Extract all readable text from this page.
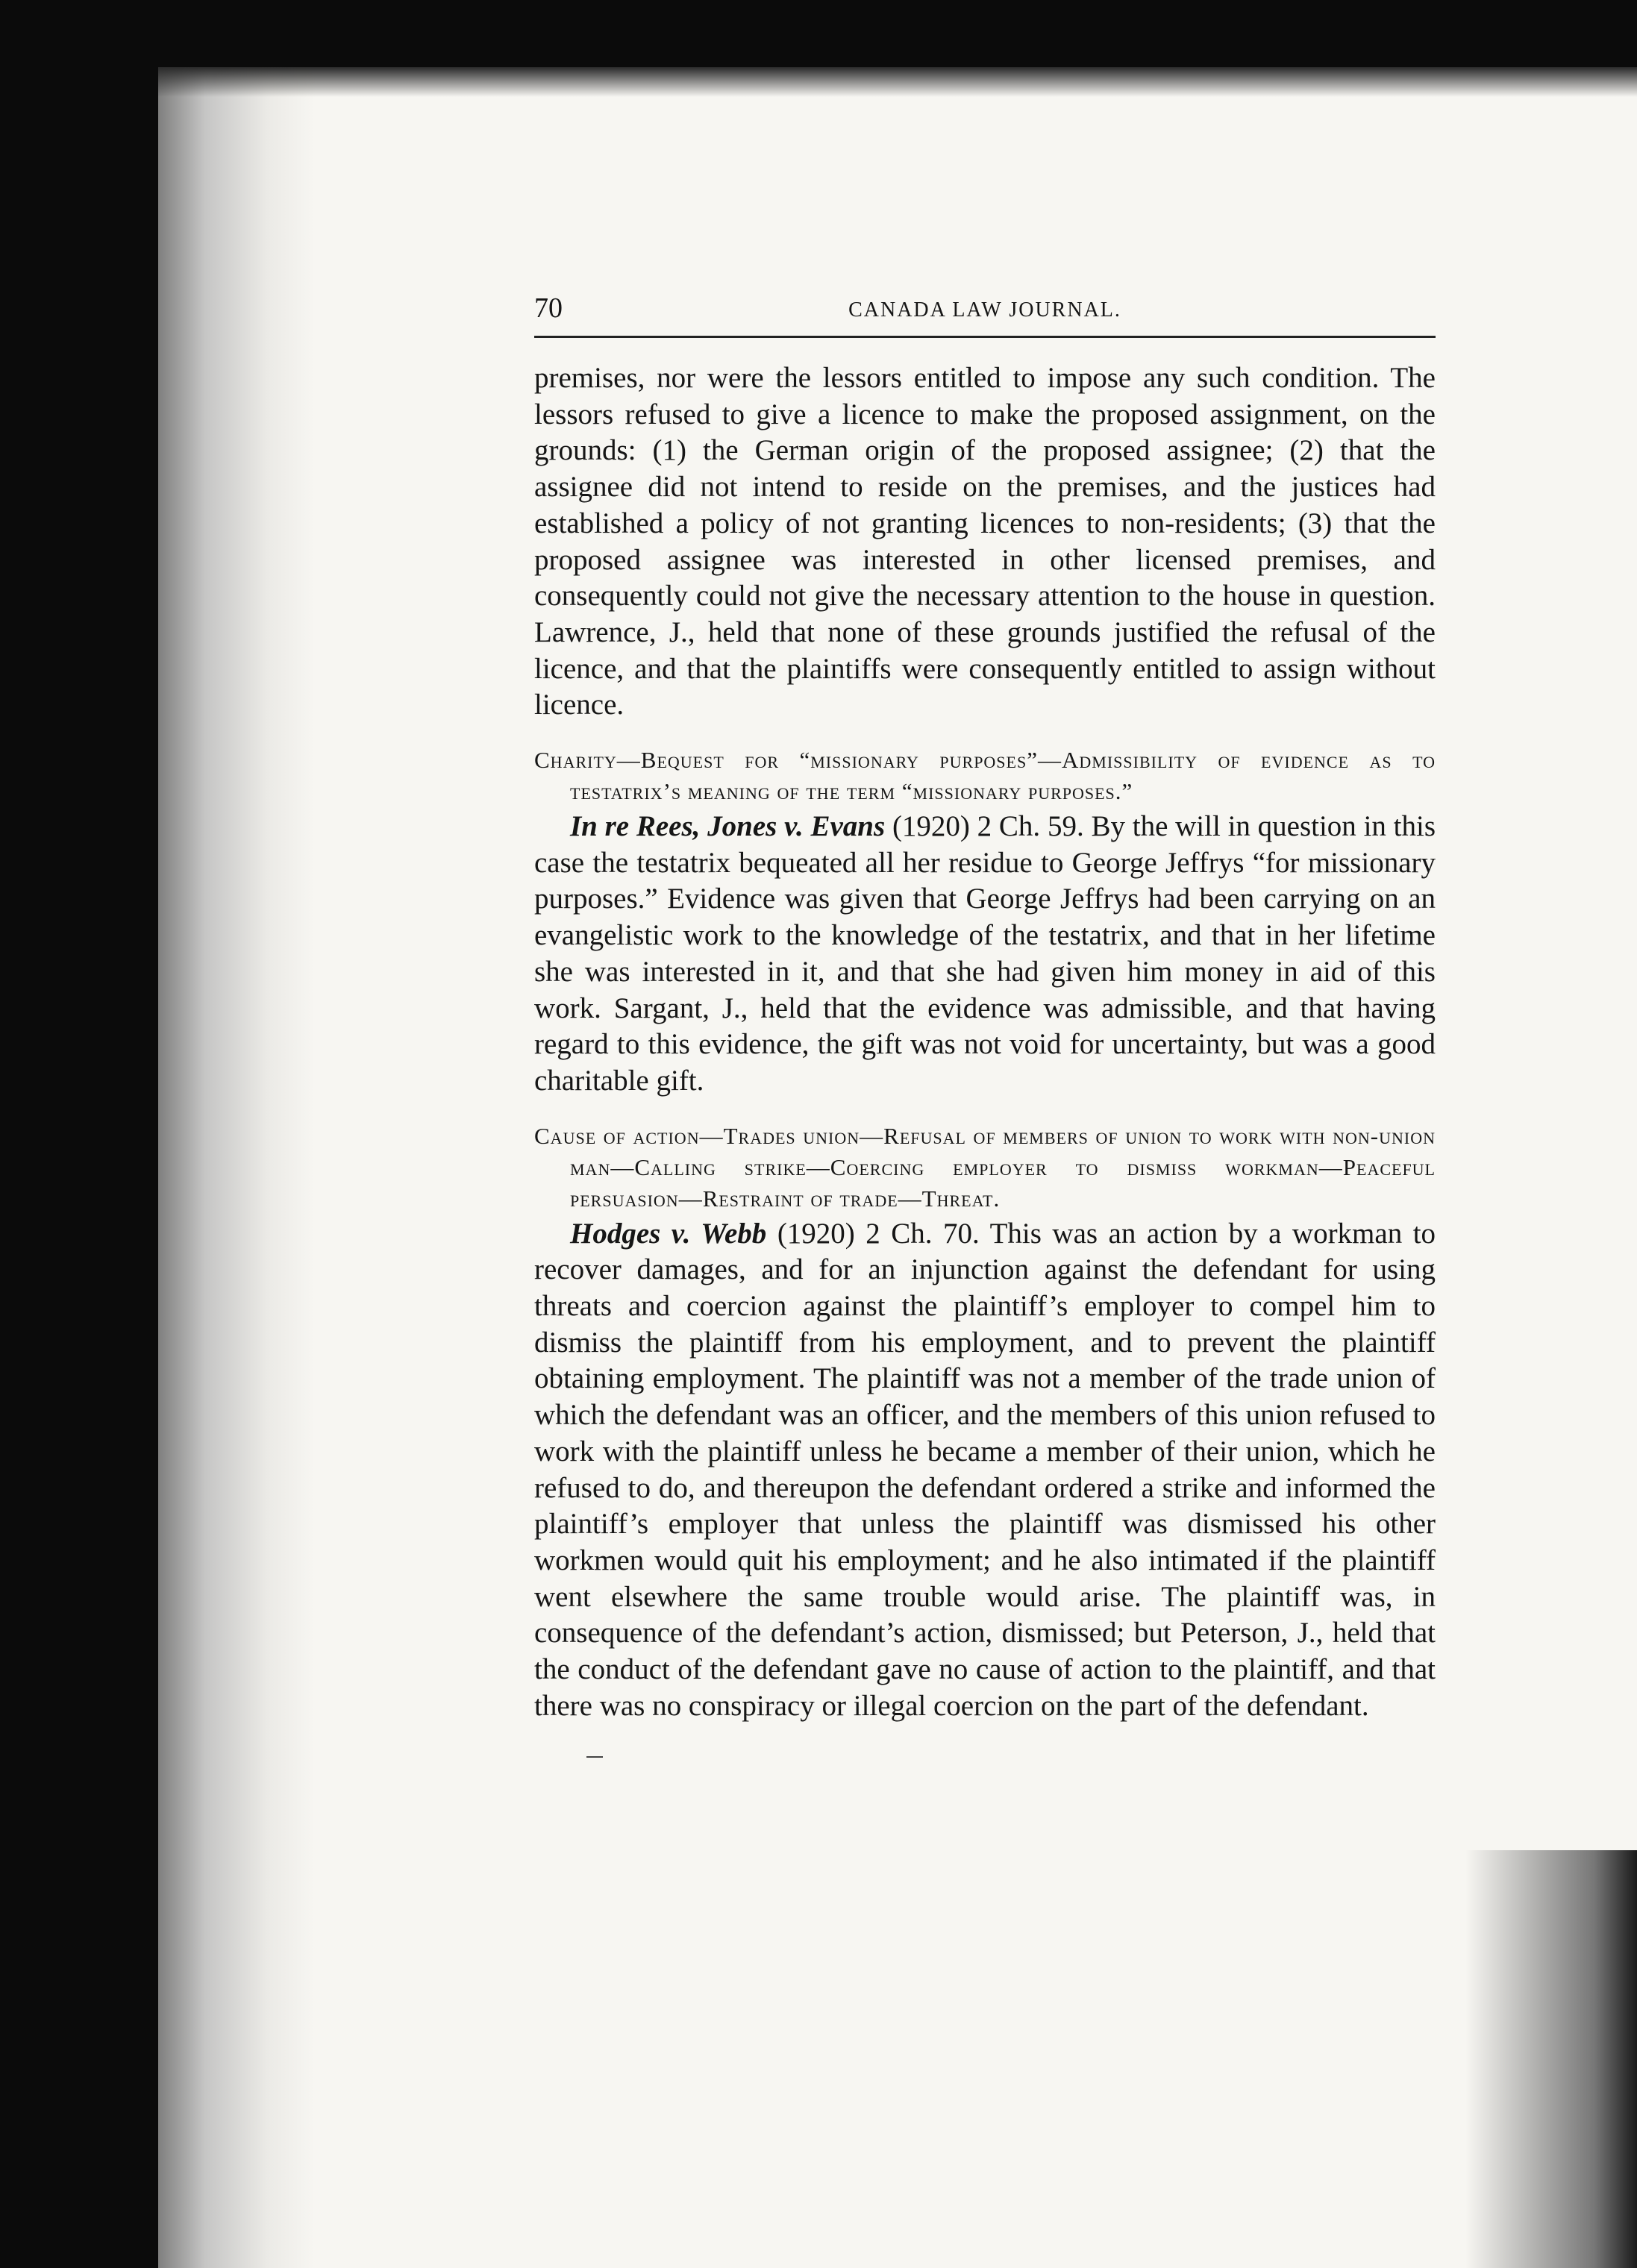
70	CANADA LAW JOURNAL.

premises, nor were the lessors entitled to impose any such condition. The lessors refused to give a licence to make the proposed assignment, on the grounds: (1) the German origin of the proposed assignee; (2) that the assignee did not intend to reside on the premises, and the justices had established a policy of not granting licences to non-residents; (3) that the proposed assignee was interested in other licensed premises, and consequently could not give the necessary attention to the house in question. Lawrence, J., held that none of these grounds justified the refusal of the licence, and that the plaintiffs were consequently entitled to assign without licence.

Charity—Bequest for “missionary purposes”—Admissibility of evidence as to testatrix’s meaning of the term “missionary purposes.”

In re Rees, Jones v. Evans (1920) 2 Ch. 59. By the will in question in this case the testatrix bequeated all her residue to George Jeffrys “for missionary purposes.” Evidence was given that George Jeffrys had been carrying on an evangelistic work to the knowledge of the testatrix, and that in her lifetime she was interested in it, and that she had given him money in aid of this work. Sargant, J., held that the evidence was admissible, and that having regard to this evidence, the gift was not void for uncertainty, but was a good charitable gift.

Cause of action—Trades union—Refusal of members of union to work with non-union man—Calling strike—Coercing employer to dismiss workman—Peaceful persuasion—Restraint of trade—Threat.

Hodges v. Webb (1920) 2 Ch. 70. This was an action by a workman to recover damages, and for an injunction against the defendant for using threats and coercion against the plaintiff’s employer to compel him to dismiss the plaintiff from his employment, and to prevent the plaintiff obtaining employment. The plaintiff was not a member of the trade union of which the defendant was an officer, and the members of this union refused to work with the plaintiff unless he became a member of their union, which he refused to do, and thereupon the defendant ordered a strike and informed the plaintiff’s employer that unless the plaintiff was dismissed his other workmen would quit his employment; and he also intimated if the plaintiff went elsewhere the same trouble would arise. The plaintiff was, in consequence of the defendant’s action, dismissed; but Peterson, J., held that the conduct of the defendant gave no cause of action to the plaintiff, and that there was no conspiracy or illegal coercion on the part of the defendant.
